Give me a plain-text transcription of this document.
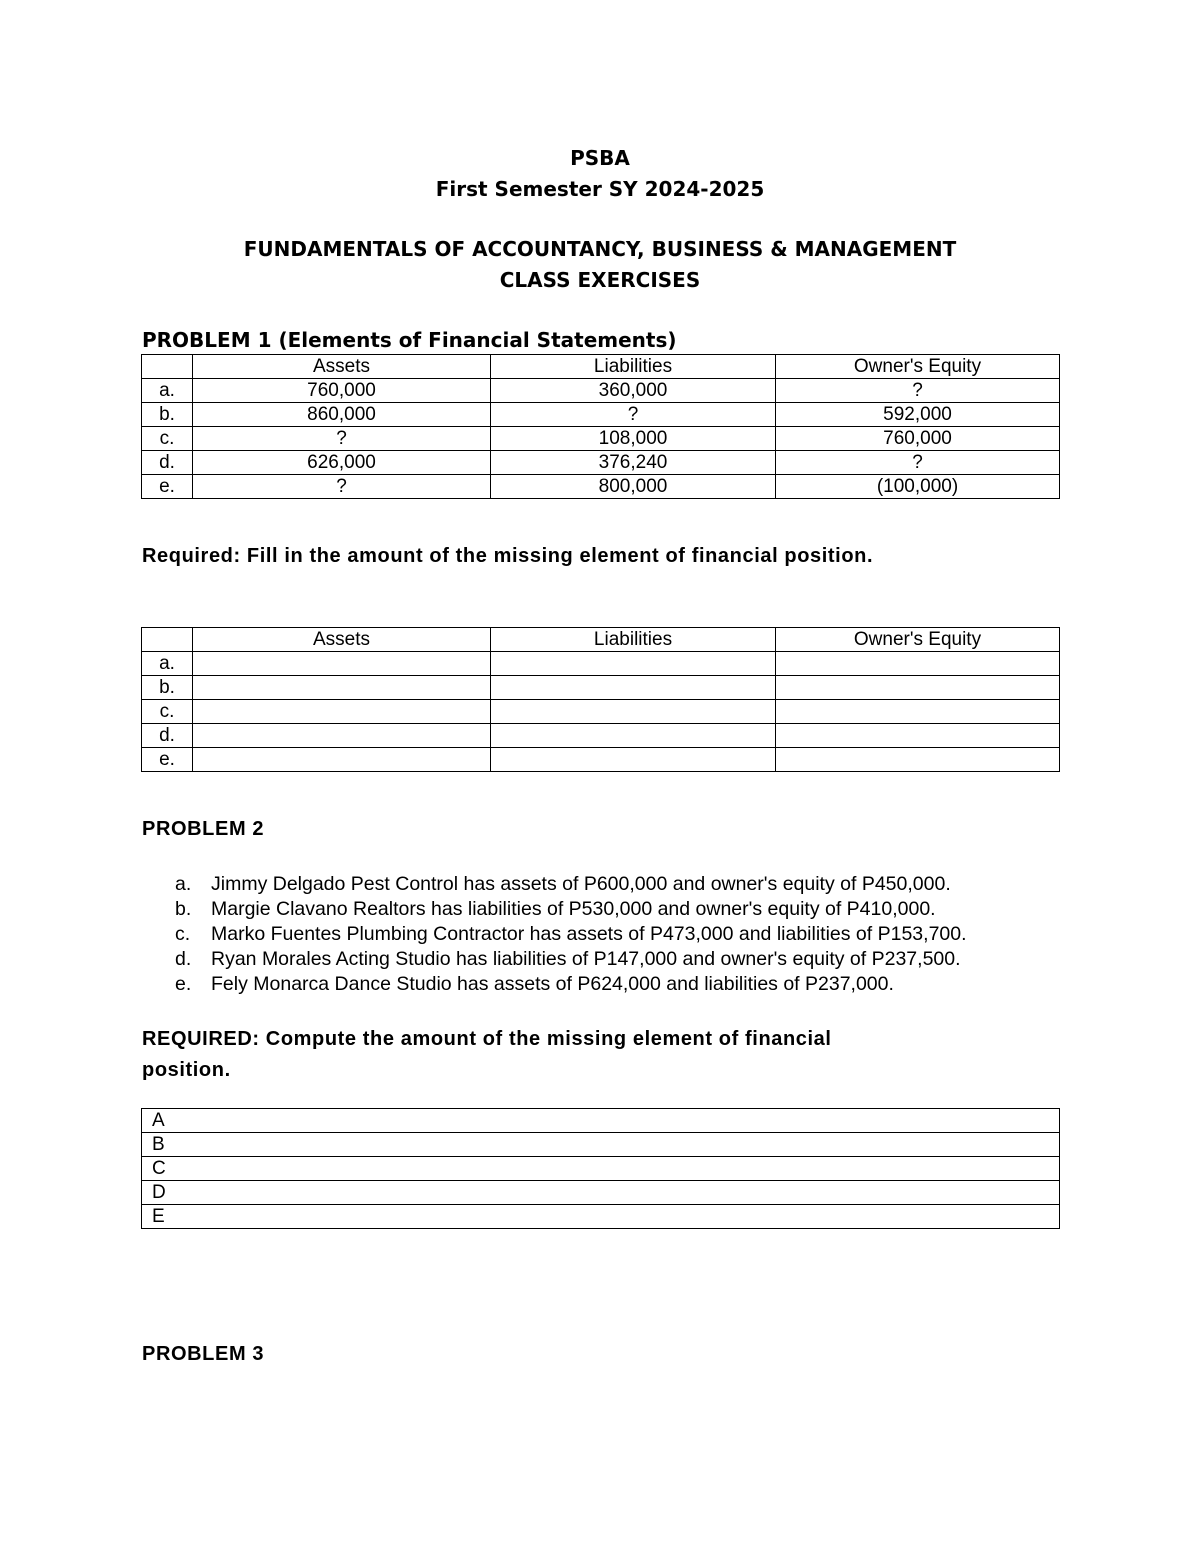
PSBA
First Semester SY 2024-2025
FUNDAMENTALS OF ACCOUNTANCY, BUSINESS & MANAGEMENT
CLASS EXERCISES
PROBLEM 1 (Elements of Financial Statements)
	Assets	Liabilities	Owner's Equity
a.	760,000	360,000	?
b.	860,000	?	592,000
c.	?	108,000	760,000
d.	626,000	376,240	?
e.	?	800,000	(100,000)
Required: Fill in the amount of the missing element of financial position.
	Assets	Liabilities	Owner's Equity
a.			
b.			
c.			
d.			
e.			
PROBLEM 2
a. Jimmy Delgado Pest Control has assets of P600,000 and owner's equity of P450,000.
b. Margie Clavano Realtors has liabilities of P530,000 and owner's equity of P410,000.
c. Marko Fuentes Plumbing Contractor has assets of P473,000 and liabilities of P153,700.
d. Ryan Morales Acting Studio has liabilities of P147,000 and owner's equity of P237,500.
e. Fely Monarca Dance Studio has assets of P624,000 and liabilities of P237,000.
REQUIRED: Compute the amount of the missing element of financial
position.
A
B
C
D
E
PROBLEM 3
